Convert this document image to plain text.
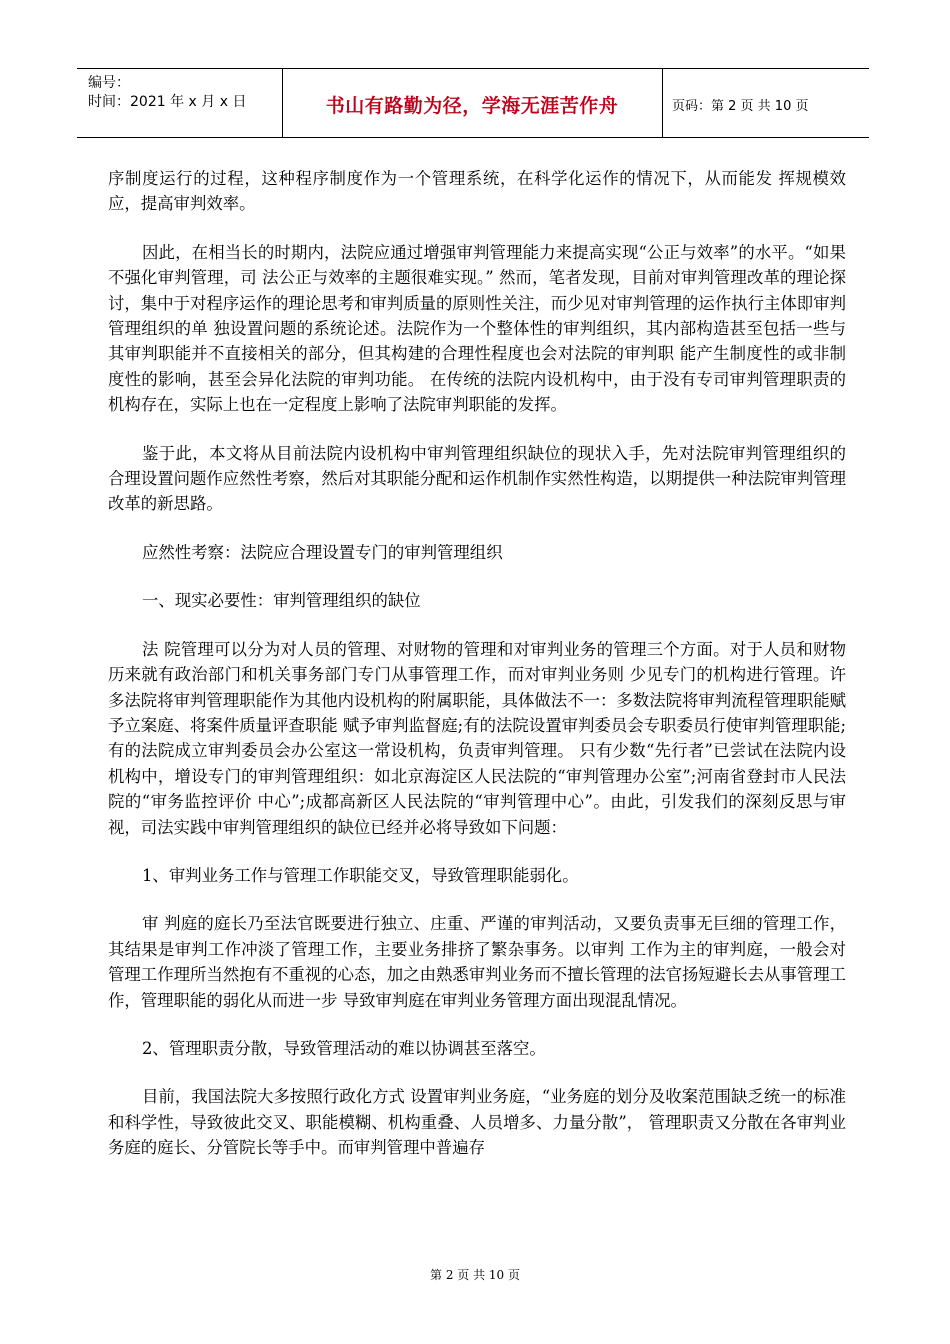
编号：
时间：2021 年 x 月 x 日	书山有路勤为径，学海无涯苦作舟	页码：第 2 页 共 10 页

序制度运行的过程，这种程序制度作为一个管理系统，在科学化运作的情况下，从而能发 挥规模效应，提高审判效率。

因此，在相当长的时期内，法院应通过增强审判管理能力来提高实现“公正与效率”的水平。“如果不强化审判管理，司 法公正与效率的主题很难实现。” 然而，笔者发现，目前对审判管理改革的理论探讨，集中于对程序运作的理论思考和审判质量的原则性关注，而少见对审判管理的运作执行主体即审判管理组织的单 独设置问题的系统论述。法院作为一个整体性的审判组织，其内部构造甚至包括一些与其审判职能并不直接相关的部分，但其构建的合理性程度也会对法院的审判职 能产生制度性的或非制度性的影响，甚至会异化法院的审判功能。 在传统的法院内设机构中，由于没有专司审判管理职责的机构存在，实际上也在一定程度上影响了法院审判职能的发挥。

鉴于此，本文将从目前法院内设机构中审判管理组织缺位的现状入手，先对法院审判管理组织的合理设置问题作应然性考察，然后对其职能分配和运作机制作实然性构造，以期提供一种法院审判管理改革的新思路。

应然性考察：法院应合理设置专门的审判管理组织

一、现实必要性：审判管理组织的缺位

法 院管理可以分为对人员的管理、对财物的管理和对审判业务的管理三个方面。对于人员和财物历来就有政治部门和机关事务部门专门从事管理工作，而对审判业务则 少见专门的机构进行管理。许多法院将审判管理职能作为其他内设机构的附属职能，具体做法不一：多数法院将审判流程管理职能赋予立案庭、将案件质量评查职能 赋予审判监督庭;有的法院设置审判委员会专职委员行使审判管理职能; 有的法院成立审判委员会办公室这一常设机构，负责审判管理。 只有少数“先行者”已尝试在法院内设机构中，增设专门的审判管理组织：如北京海淀区人民法院的“审判管理办公室”;河南省登封市人民法院的“审务监控评价 中心”;成都高新区人民法院的“审判管理中心”。由此，引发我们的深刻反思与审视，司法实践中审判管理组织的缺位已经并必将导致如下问题：

1、审判业务工作与管理工作职能交叉，导致管理职能弱化。

审 判庭的庭长乃至法官既要进行独立、庄重、严谨的审判活动，又要负责事无巨细的管理工作，其结果是审判工作冲淡了管理工作，主要业务排挤了繁杂事务。以审判 工作为主的审判庭，一般会对管理工作理所当然抱有不重视的心态，加之由熟悉审判业务而不擅长管理的法官扬短避长去从事管理工作，管理职能的弱化从而进一步 导致审判庭在审判业务管理方面出现混乱情况。

2、管理职责分散，导致管理活动的难以协调甚至落空。

目前，我国法院大多按照行政化方式 设置审判业务庭，“业务庭的划分及收案范围缺乏统一的标准和科学性，导致彼此交叉、职能模糊、机构重叠、人员增多、力量分散”， 管理职责又分散在各审判业务庭的庭长、分管院长等手中。而审判管理中普遍存

第 2 页 共 10 页
